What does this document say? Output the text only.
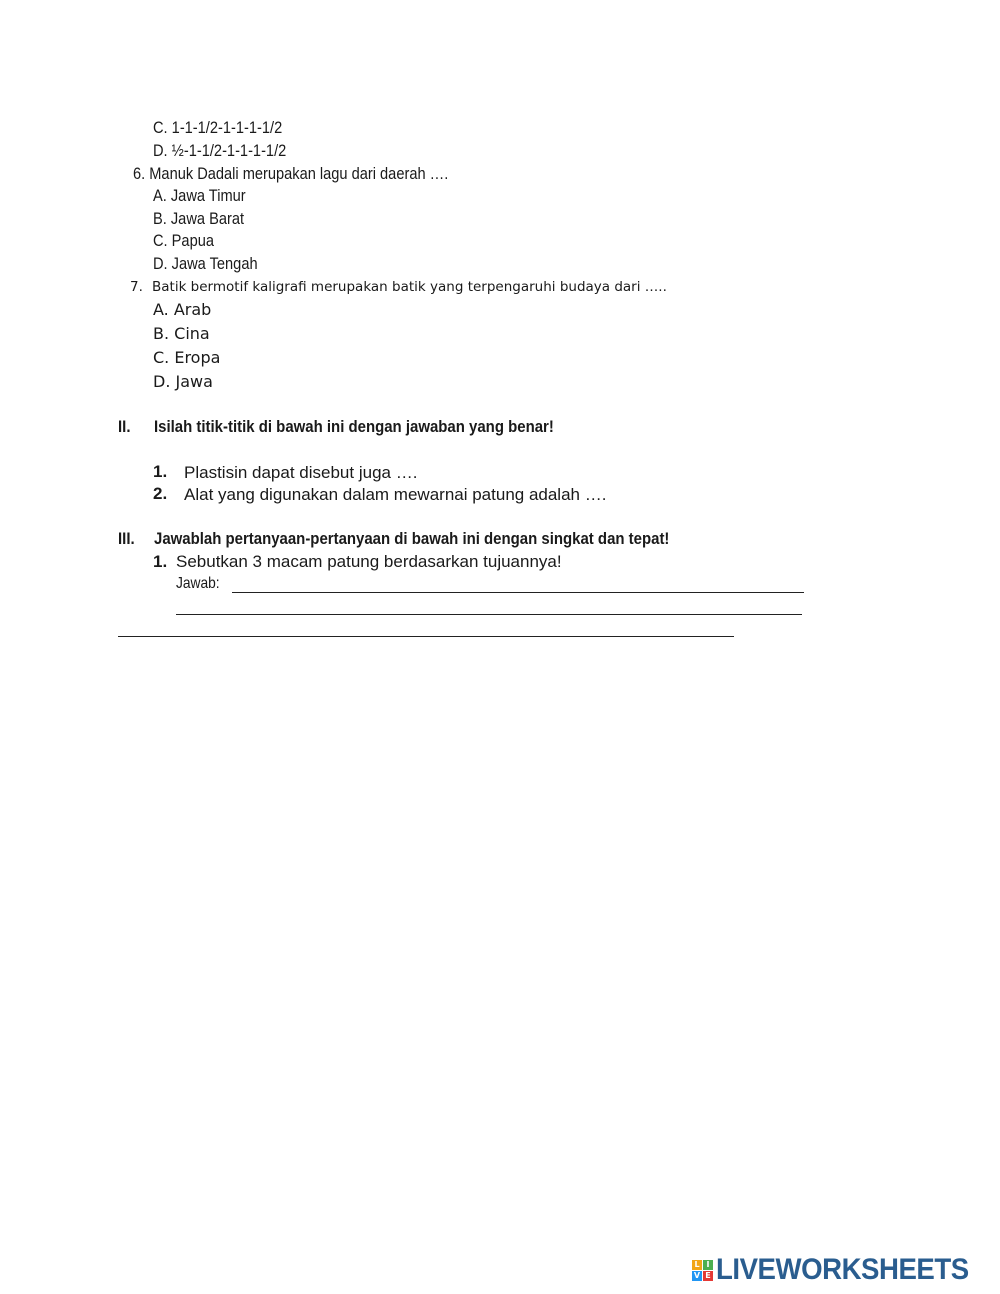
C. 1-1-1/2-1-1-1-1/2
D. ½-1-1/2-1-1-1-1/2
6. Manuk Dadali merupakan lagu dari daerah ….
A. Jawa Timur
B. Jawa Barat
C. Papua
D. Jawa Tengah
7. Batik bermotif kaligrafi merupakan batik yang terpengaruhi budaya dari …..
A. Arab
B. Cina
C. Eropa
D. Jawa
II. Isilah titik-titik di bawah ini dengan jawaban yang benar!
1. Plastisin dapat disebut juga ….
2. Alat yang digunakan dalam mewarnai patung adalah ….
III. Jawablah pertanyaan-pertanyaan di bawah ini dengan singkat dan tepat!
1. Sebutkan 3 macam patung berdasarkan tujuannya!
Jawab:
L I
V E LIVEWORKSHEETS
